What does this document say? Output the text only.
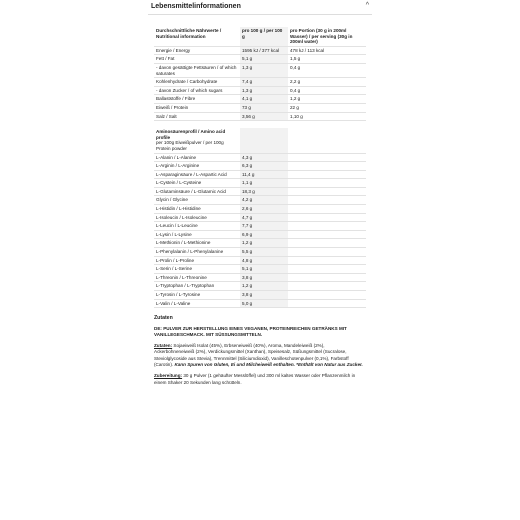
Lebensmittelinformationen	^
Durchschnittliche Nährwerte / Nutritional information	pro 100 g / per 100 g	pro Portion (30 g in 200ml Wasser) / per serving (30g in 200ml water)
Energie / Energy	1595 kJ / 377 kcal	478 kJ / 113 kcal
Fett / Fat	5,1 g	1,5 g
- davon gesättigte Fettsäuren / of which saturates	1,3 g	0,4 g
Kohlenhydrate / Carbohydrate	7,4 g	2,2 g
- davon Zucker / of which sugars	1,3 g	0,4 g
Ballaststoffe / Fibre	4,1 g	1,2 g
Eiweiß / Protein	73 g	22 g
Salz / Salt	3,56 g	1,10 g
Aminosäurenprofil / Amino acid profile
per 100g Eiweißpulver / per 100g Protein powder		

L-Alanin / L-Alanine	4,3 g	
L-Arginin / L-Arginine	6,3 g	
L-Asparaginsäure / L-Aspartic Acid	11,4 g	
L-Cystein / L-Cysteine	1,1 g	
L-Glutaminsäure / L-Glutamic Acid	18,3 g	
Glycin / Glycine	4,2 g	
L-Histidin / L-Histidine	2,6 g	
L-Isoleucin / L-Isoleucine	4,7 g	
L-Leucin / L-Leucine	7,7 g	
L-Lysin / L-Lysine	6,9 g	
L-Methionin / L-Methionine	1,2 g	
L-Phenylalanin / L-Phenylalanine	5,5 g	
L-Prolin / L-Proline	4,8 g	
L-Serin / L-Serine	5,1 g	
L-Threonin / L-Threonine	3,8 g	
L-Tryptophan / L-Tryptophan	1,2 g	
L-Tyrosin / L-Tyrosine	3,8 g	
L-Valin / L-Valine	5,0 g	
Zutaten
DE: PULVER ZUR HERSTELLUNG EINES VEGANEN, PROTEINREICHEN GETRÄNKS MIT VANILLEGESCHMACK. MIT SÜSSUNGSMITTELN.
Zutaten: Sojaeiweiß Isolat (45%), Erbseneiweiß (40%), Aroma, Mandeleiweiß (2%), Ackerbohneneiweiß (2%), Verdickungsmittel (Xanthan), Speisesalz, Süßungsmittel (Sucralose, Steviolglycoside aus Stevia), Trennmittel (Siliciumdioxid), Vanilleschotenpulver (0,1%), Farbstoff (Carotin). Kann Spuren von Gluten, Ei und Milcheiweiß enthalten. *Enthält von Natur aus Zucker.
Zubereitung: 30 g Pulver (1 gehäufter Messlöffel) und 300 ml kaltes Wasser oder Pflanzenmilch in einem Shaker 20 Sekunden lang schütteln.
